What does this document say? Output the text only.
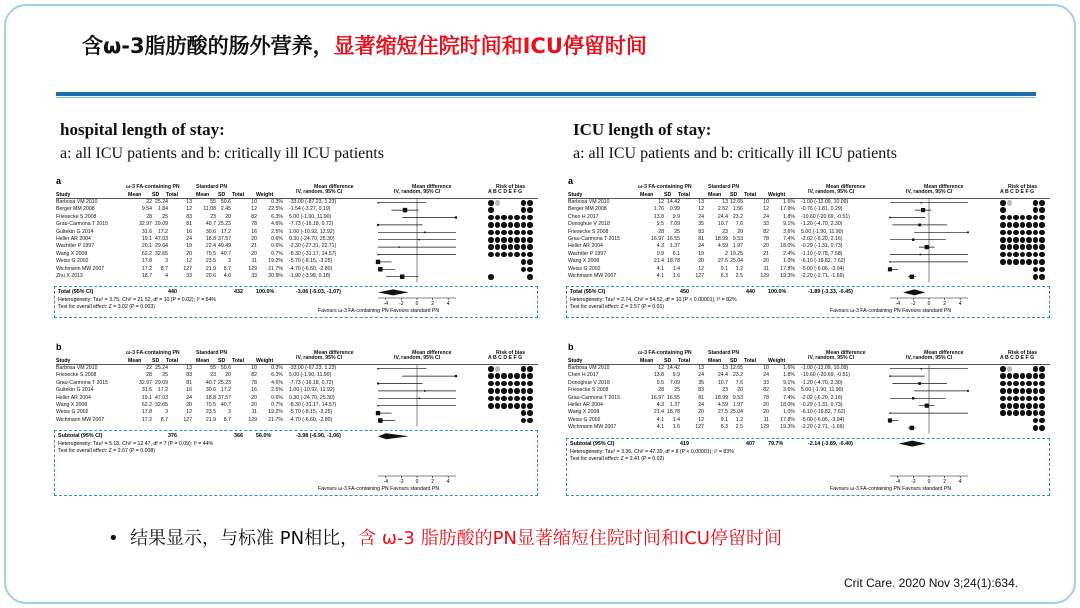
含ω-3脂肪酸的肠外营养，显著缩短住院时间和ICU停留时间
hospital length of stay:
a: all ICU patients and b: critically ill ICU patients
ICU length of stay:
a: all ICU patients and b: critically ill ICU patients
a
ω-3 FA-containing PN	Standard PN	Mean difference
IV, random, 95% CI
Mean difference
IV, random, 95% CI
Risk of bias
A B C D E F G
Study	Mean SD Total	Mean SD Total Weight
Barbosa VM 2010	22	25.24	13	55	50.6	10	0.3%	-33.00 (-87.23, 1.23)
Berger MM 2008	9.54	1.84	12	11.08	2.45	12	22.5%	-1.54 (-3.27, 0.19)
Friesecke S 2008	28	25	83	23	20	82	6.3%	5.00 (-1.90, 11.90)
Grau-Carmona T 2015	32.97	29.09	81	40.7	25.23	78	4.6%	-7.73 (-16.18, 0.72)
Gultekin G 2014	31.6	17.2	16	30.6	17.2	16	2.5%	1.00 (-10.92, 12.92)
Heller AR 2004	19.1	47.03	24	18.8	37.57	20	0.6%	0.30 (-24.70, 25.30)
Wachtler P 1997	20.1	29.64	19	22.4	49.49	21	0.6%	-2.30 (-27.31, 22.71)
Wang X 2008	62.2	32.65	20	70.5	40.7	20	0.7%	-8.30 (-31.17, 14.57)
Weiss G 2002	17.8	3	12	23.5	3	11	19.2%	-5.70 (-8.15, -3.25)
Wichmann MW 2007	17.2	8.7	127	21.9	8.7	129	21.7%	-4.70 (-6.60, -2.80)
Zhu X 2013	18.7	4	33	20.6	4.6	33	20.9%	-1.90 (-3.98, 0.18)
-4 -2 0	2	4
Total (95% CI)	440	432 100.0%	-3.06 (-5.03, -1.07)
Heterogeneity: Tau² = 3.75, Chi² = 21.52, df = 10 (P = 0.02); I² = 54%
Test for overall effect: Z = 3.02 (P = 0.003)
Favours ω-3 FA-containing PN Favours standard PN
a
ω-3 FA-containing PN	Standard PN	Mean difference
IV, random, 95% CI
Mean difference
IV, random, 95% CI
Risk of bias
A B C D E F G
Study	Mean SD Total	Mean SD Total Weight
Barbosa VM 2010	12	14.42	13	13	12.65	10	1.6%	-1.00 (-12.09, 10.09)
Berger MM 2008	1.76	0.99	12	2.52	1.56	12	17.9%	-0.76 (-1.81, 0.29)
Chen H 2017	13.8	9.9	24	24.4	23.2	24	1.8%	-10.60 (-20.69, -0.51)
Donoghue V 2018	9.5	7.09	35	10.7	7.6	33	9.1%	-1.20 (-4.70, 2.30)
Friesecke S 2008	28	25	83	23	20	82	3.6%	5.00 (-1.90, 11.90)
Grau-Carmona T 2015	16.97	16.55	81	18.99	9.53	78	7.4%	-2.02 (-6.20, 2.16)
Heller AR 2004	4.3	1.37	24	4.59	1.97	20	18.0%	-0.29 (-1.31, 0.73)
Wachtler P 1997	0.9	6.1	19	2	19.25	21	2.4%	-1.10 (-9.78, 7.58)
Wang X 2008	21.4	18.78	20	27.5	25.04	20	1.0%	-6.10 (-19.82, 7.62)
Weiss G 2002	4.1	1.4	12	9.1	1.2	11	17.8%	-5.00 (-6.06, -3.94)
Wichmann MW 2007	4.1	1.6	127	6.3	2.5	129	19.3%	-2.20 (-2.71, -1.69)
-4 -2 0	2	4
Total (95% CI)	450	440 100.0%	-1.89 (-3.33, -0.45)
Heterogeneity: Tau² = 2.74, Chi² = 54.52, df = 10 (P < 0.00001); I² = 82%
Test for overall effect: Z = 2.57 (P = 0.01)
Favours ω-3 FA-containing PN Favours standard PN
b
ω-3 FA-containing PN	Standard PN	Mean difference
IV, random, 95% CI
Mean difference
IV, random, 95% CI
Risk of bias
A B C D E F G
Study	Mean SD Total	Mean SD Total Weight
Barbosa VM 2010	22	25.24	13	55	50.6	10	0.3%	-33.00 (-67.23, 1.23)
Friesecke S 2008	28	25	83	23	20	82	6.3%	5.00 (-1.90, 11.90)
Grau-Carmona T 2015	32.97	29.09	81	40.7	25.23	78	4.6%	-7.73 (-16.18, 0.72)
Gultekin G 2014	31.6	17.2	16	30.6	17.2	16	2.5%	1.00 (-10.92, 12.92)
Heller AR 2004	19.1	47.03	24	18.8	37.57	20	0.6%	0.30 (-24.70, 25.30)
Wang X 2008	62.2	32.65	20	70.5	40.7	20	0.7%	-8.30 (-31.17, 14.57)
Weiss G 2002	17.8	3	12	23.5	3	11	19.2%	-5.70 (-8.15, -3.25)
Wichmann MW 2007	17.2	8.7	127	21.9	8.7	129	21.7%	-4.70 (-6.60, -2.80)
-4 -2 0	2	4
Subtotal (95% CI)	376	366 56.0%	-3.98 (-6.90, -1.06)
Heterogeneity: Tau² = 5.18, Chi² = 12.47, df = 7 (P = 0.09); I² = 44%
Test for overall effect: Z = 2.67 (P = 0.008)
Favours ω-3 FA-containing PN Favours standard PN
b
ω-3 FA-containing PN	Standard PN	Mean difference
IV, random, 95% CI
Mean difference
IV, random, 95% CI
Risk of bias
A B C D E F G
Study	Mean SD Total	Mean SD Total Weight
Barbosa VM 2010	12	14.42	13	13	12.65	10	1.6%	-1.00 (-12.09, 10.09)
Chen H 2017	13.8	9.9	24	24.4	23.2	24	1.8%	-10.60 (-20.69, -0.51)
Donoghue V 2018	9.5	7.09	35	10.7	7.6	33	9.1%	-1.20 (-4.70, 2.30)
Friesecke S 2008	28	25	83	23	20	82	3.6%	5.00 (-1.90, 11.90)
Grau-Carmona T 2015	16.97	16.55	81	18.99	9.53	78	7.4%	-2.02 (-6.20, 2.16)
Heller AR 2004	4.3	1.37	24	4.59	1.97	20	18.0%	-0.29 (-1.31, 0.73)
Wang X 2008	21.4	18.78	20	27.5	25.04	20	1.0%	-6.10 (-19.82, 7.62)
Weiss G 2002	4.1	1.4	12	9.1	1.2	11	17.8%	-5.00 (-6.06, -3.94)
Wichmann MW 2007	4.1	1.6	127	6.3	2.5	129	19.3%	-2.20 (-2.71, -1.69)
-4 -2 0	2	4
Subtotal (95% CI)	419	407 79.7%	-2.14 (-3.89, -0.40)
Heterogeneity: Tau² = 3.36, Chi² = 47.39, df = 8 (P < 0.00001); I² = 83%
Test for overall effect: Z = 2.41 (P = 0.02)
Favours ω-3 FA-containing PN Favours standard PN
•  结果显示，与标准 PN相比，含 ω-3 脂肪酸的PN显著缩短住院时间和ICU停留时间
Crit Care. 2020 Nov 3;24(1):634.
